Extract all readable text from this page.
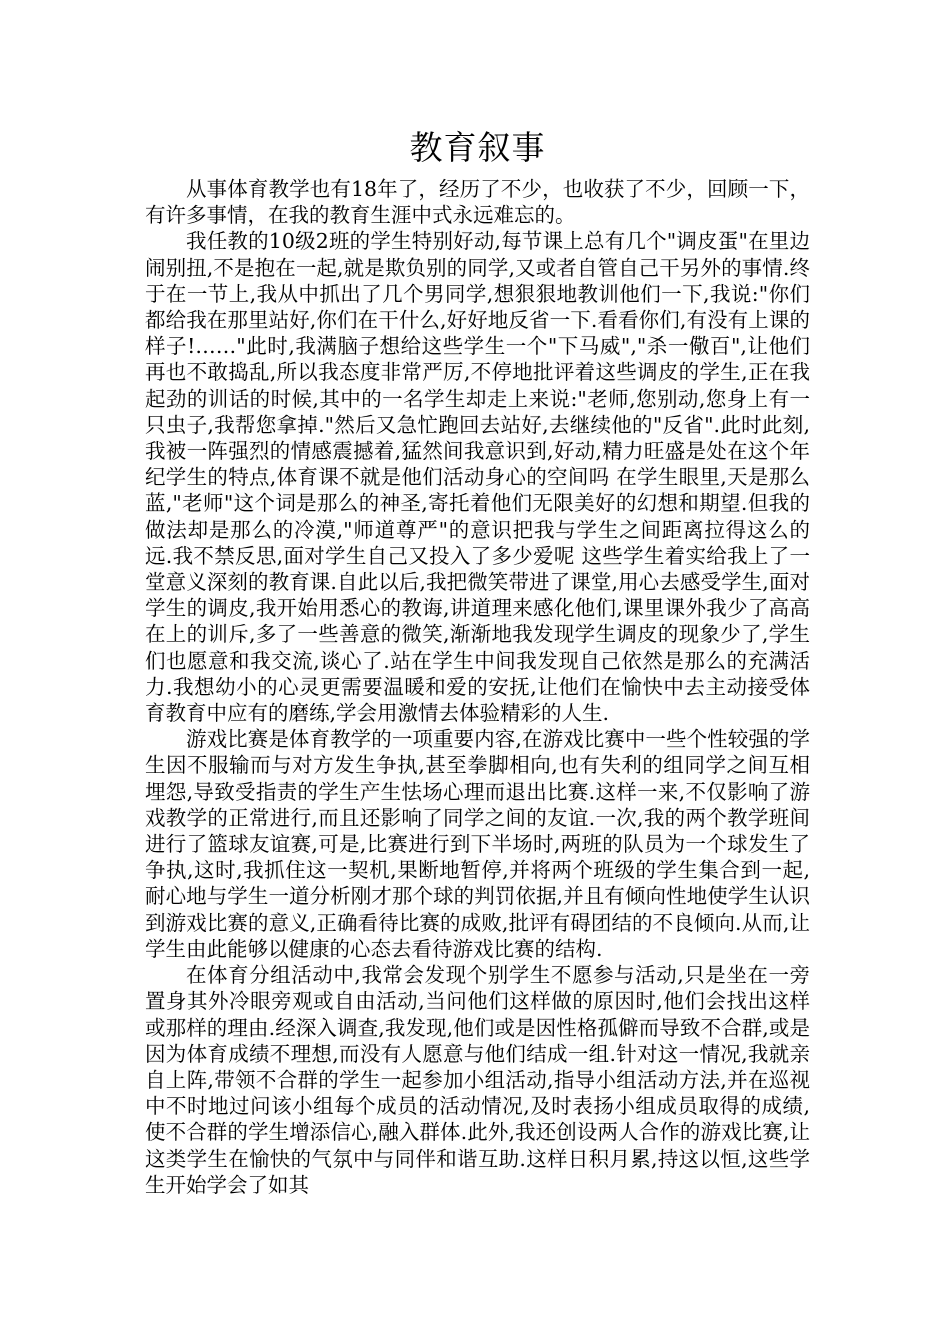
教育叙事

从事体育教学也有18年了，经历了不少，也收获了不少，回顾一下，有许多事情，在我的教育生涯中式永远难忘的。

我任教的10级2班的学生特别好动,每节课上总有几个"调皮蛋"在里边闹别扭,不是抱在一起,就是欺负别的同学,又或者自管自己干另外的事情.终于在一节上,我从中抓出了几个男同学,想狠狠地教训他们一下,我说:"你们都给我在那里站好,你们在干什么,好好地反省一下.看看你们,有没有上课的样子!……"此时,我满脑子想给这些学生一个"下马威","杀一儆百",让他们再也不敢捣乱,所以我态度非常严厉,不停地批评着这些调皮的学生,正在我起劲的训话的时候,其中的一名学生却走上来说:"老师,您别动,您身上有一只虫子,我帮您拿掉."然后又急忙跑回去站好,去继续他的"反省".此时此刻,我被一阵强烈的情感震撼着,猛然间我意识到,好动,精力旺盛是处在这个年纪学生的特点,体育课不就是他们活动身心的空间吗 在学生眼里,天是那么蓝,"老师"这个词是那么的神圣,寄托着他们无限美好的幻想和期望.但我的做法却是那么的冷漠,"师道尊严"的意识把我与学生之间距离拉得这么的远.我不禁反思,面对学生自己又投入了多少爱呢 这些学生着实给我上了一堂意义深刻的教育课.自此以后,我把微笑带进了课堂,用心去感受学生,面对学生的调皮,我开始用悉心的教诲,讲道理来感化他们,课里课外我少了高高在上的训斥,多了一些善意的微笑,渐渐地我发现学生调皮的现象少了,学生们也愿意和我交流,谈心了.站在学生中间我发现自己依然是那么的充满活力.我想幼小的心灵更需要温暖和爱的安抚,让他们在愉快中去主动接受体育教育中应有的磨练,学会用激情去体验精彩的人生.

游戏比赛是体育教学的一项重要内容,在游戏比赛中一些个性较强的学生因不服输而与对方发生争执,甚至拳脚相向,也有失利的组同学之间互相埋怨,导致受指责的学生产生怯场心理而退出比赛.这样一来,不仅影响了游戏教学的正常进行,而且还影响了同学之间的友谊.一次,我的两个教学班间进行了篮球友谊赛,可是,比赛进行到下半场时,两班的队员为一个球发生了争执,这时,我抓住这一契机,果断地暂停,并将两个班级的学生集合到一起,耐心地与学生一道分析刚才那个球的判罚依据,并且有倾向性地使学生认识到游戏比赛的意义,正确看待比赛的成败,批评有碍团结的不良倾向.从而,让学生由此能够以健康的心态去看待游戏比赛的结构.

在体育分组活动中,我常会发现个别学生不愿参与活动,只是坐在一旁置身其外冷眼旁观或自由活动,当问他们这样做的原因时,他们会找出这样或那样的理由.经深入调查,我发现,他们或是因性格孤僻而导致不合群,或是因为体育成绩不理想,而没有人愿意与他们结成一组.针对这一情况,我就亲自上阵,带领不合群的学生一起参加小组活动,指导小组活动方法,并在巡视中不时地过问该小组每个成员的活动情况,及时表扬小组成员取得的成绩,使不合群的学生增添信心,融入群体.此外,我还创设两人合作的游戏比赛,让这类学生在愉快的气氛中与同伴和谐互助.这样日积月累,持这以恒,这些学生开始学会了如其
